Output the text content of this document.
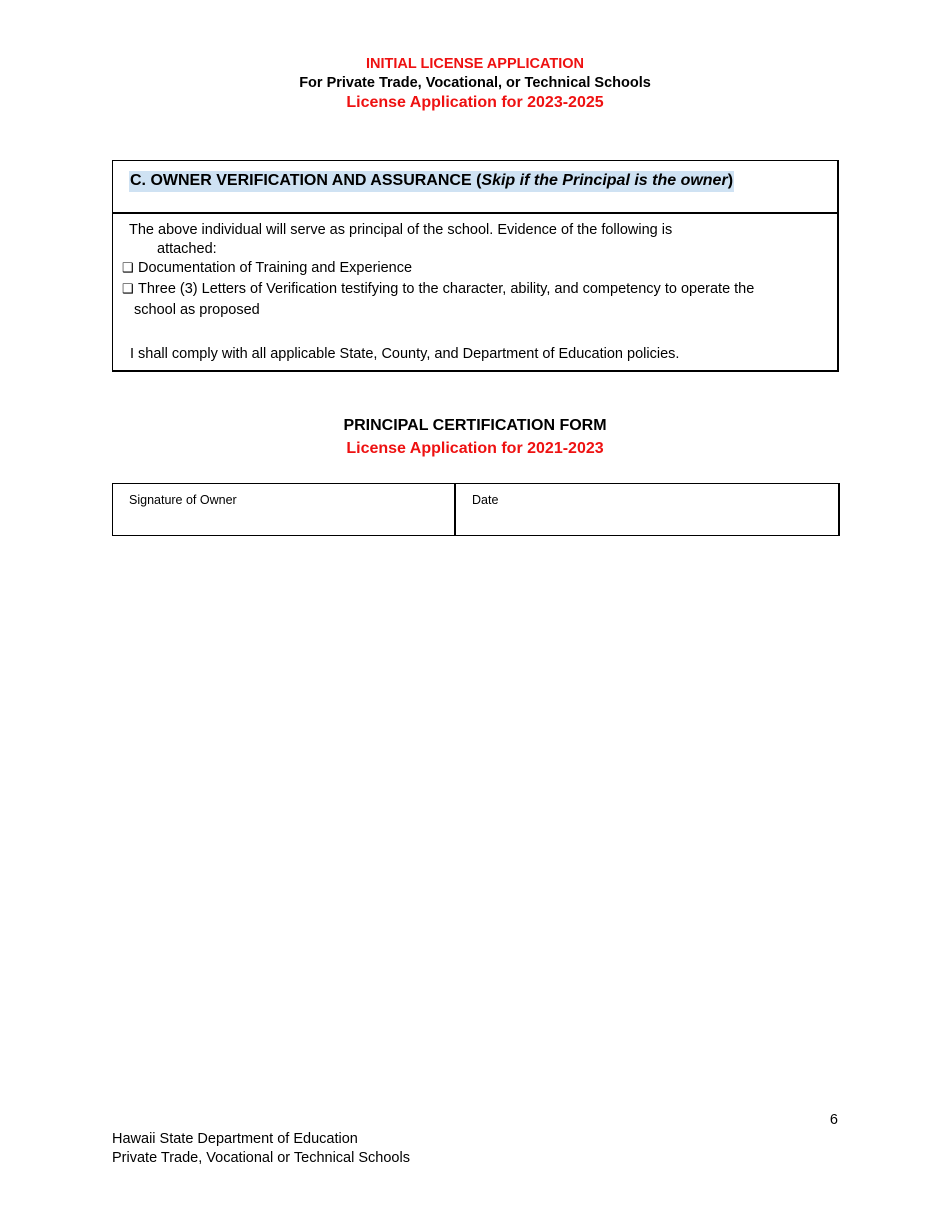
INITIAL LICENSE APPLICATION
For Private Trade, Vocational, or Technical Schools
License Application for 2023-2025
C. OWNER VERIFICATION AND ASSURANCE (Skip if the Principal is the owner)
The above individual will serve as principal of the school. Evidence of the following is
attached:
❑ Documentation of Training and Experience
❑ Three (3) Letters of Verification testifying to the character, ability, and competency to operate the
school as proposed
I shall comply with all applicable State, County, and Department of Education policies.
PRINCIPAL CERTIFICATION FORM
License Application for 2021-2023
Signature of Owner	Date
6
Hawaii State Department of Education
Private Trade, Vocational or Technical Schools
